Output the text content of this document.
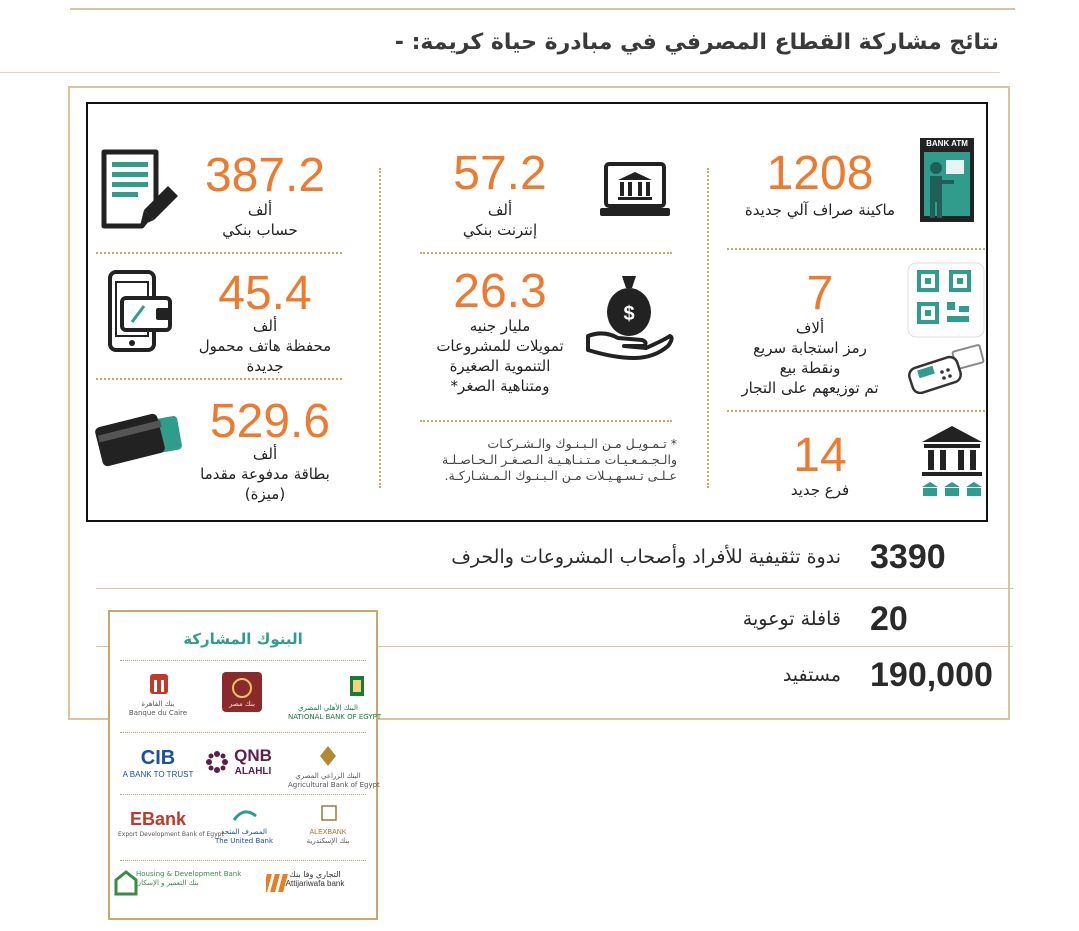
نتائج مشاركة القطاع المصرفي في مبادرة حياة كريمة: -
BANK ATM
1208
ماكينة صراف آلي جديدة
7
ألاف
رمز استجابة سريع
ونقطة بيع
تم توزيعهم على التجار
14
فرع جديد
57.2
ألف
إنترنت بنكي
$
26.3
مليار جنيه
تمويلات للمشروعات
التنموية الصغيرة
ومتناهية الصغر*
* تـمـويـل مـن الـبـنـوك والـشـركـات
والـجـمـعـيـات مـتـنـاهـيـة الـصـغـر الـحـاصـلـة
عـلـى تـسـهـيـلات مـن الـبـنـوك الـمـشـاركـة.
387.2
ألف
حساب بنكي
45.4
ألف
محفظة هاتف محمول
جديدة
529.6
ألف
بطاقة مدفوعة مقدما
(ميزة)
3390
ندوة تثقيفية للأفراد وأصحاب المشروعات والحرف
20
قافلة توعوية
190,000
مستفيد
البنوك المشاركة
البنك الأهلي المصري
NATIONAL BANK OF EGYPT
بنك مصر
بنك القاهرة
Banque du Caire
البنك الزراعي المصري
Agricultural Bank of Egypt
QNB
ALAHLI
CIB
A BANK TO TRUST
ALEXBANK
بنك الإسكندرية
المصرف المتحد
The United Bank
EBank
Export Development Bank of Egypt
التجاري وفا بنك
Attijariwafa bank
Housing & Development Bank
بنك التعمير و الإسكان
